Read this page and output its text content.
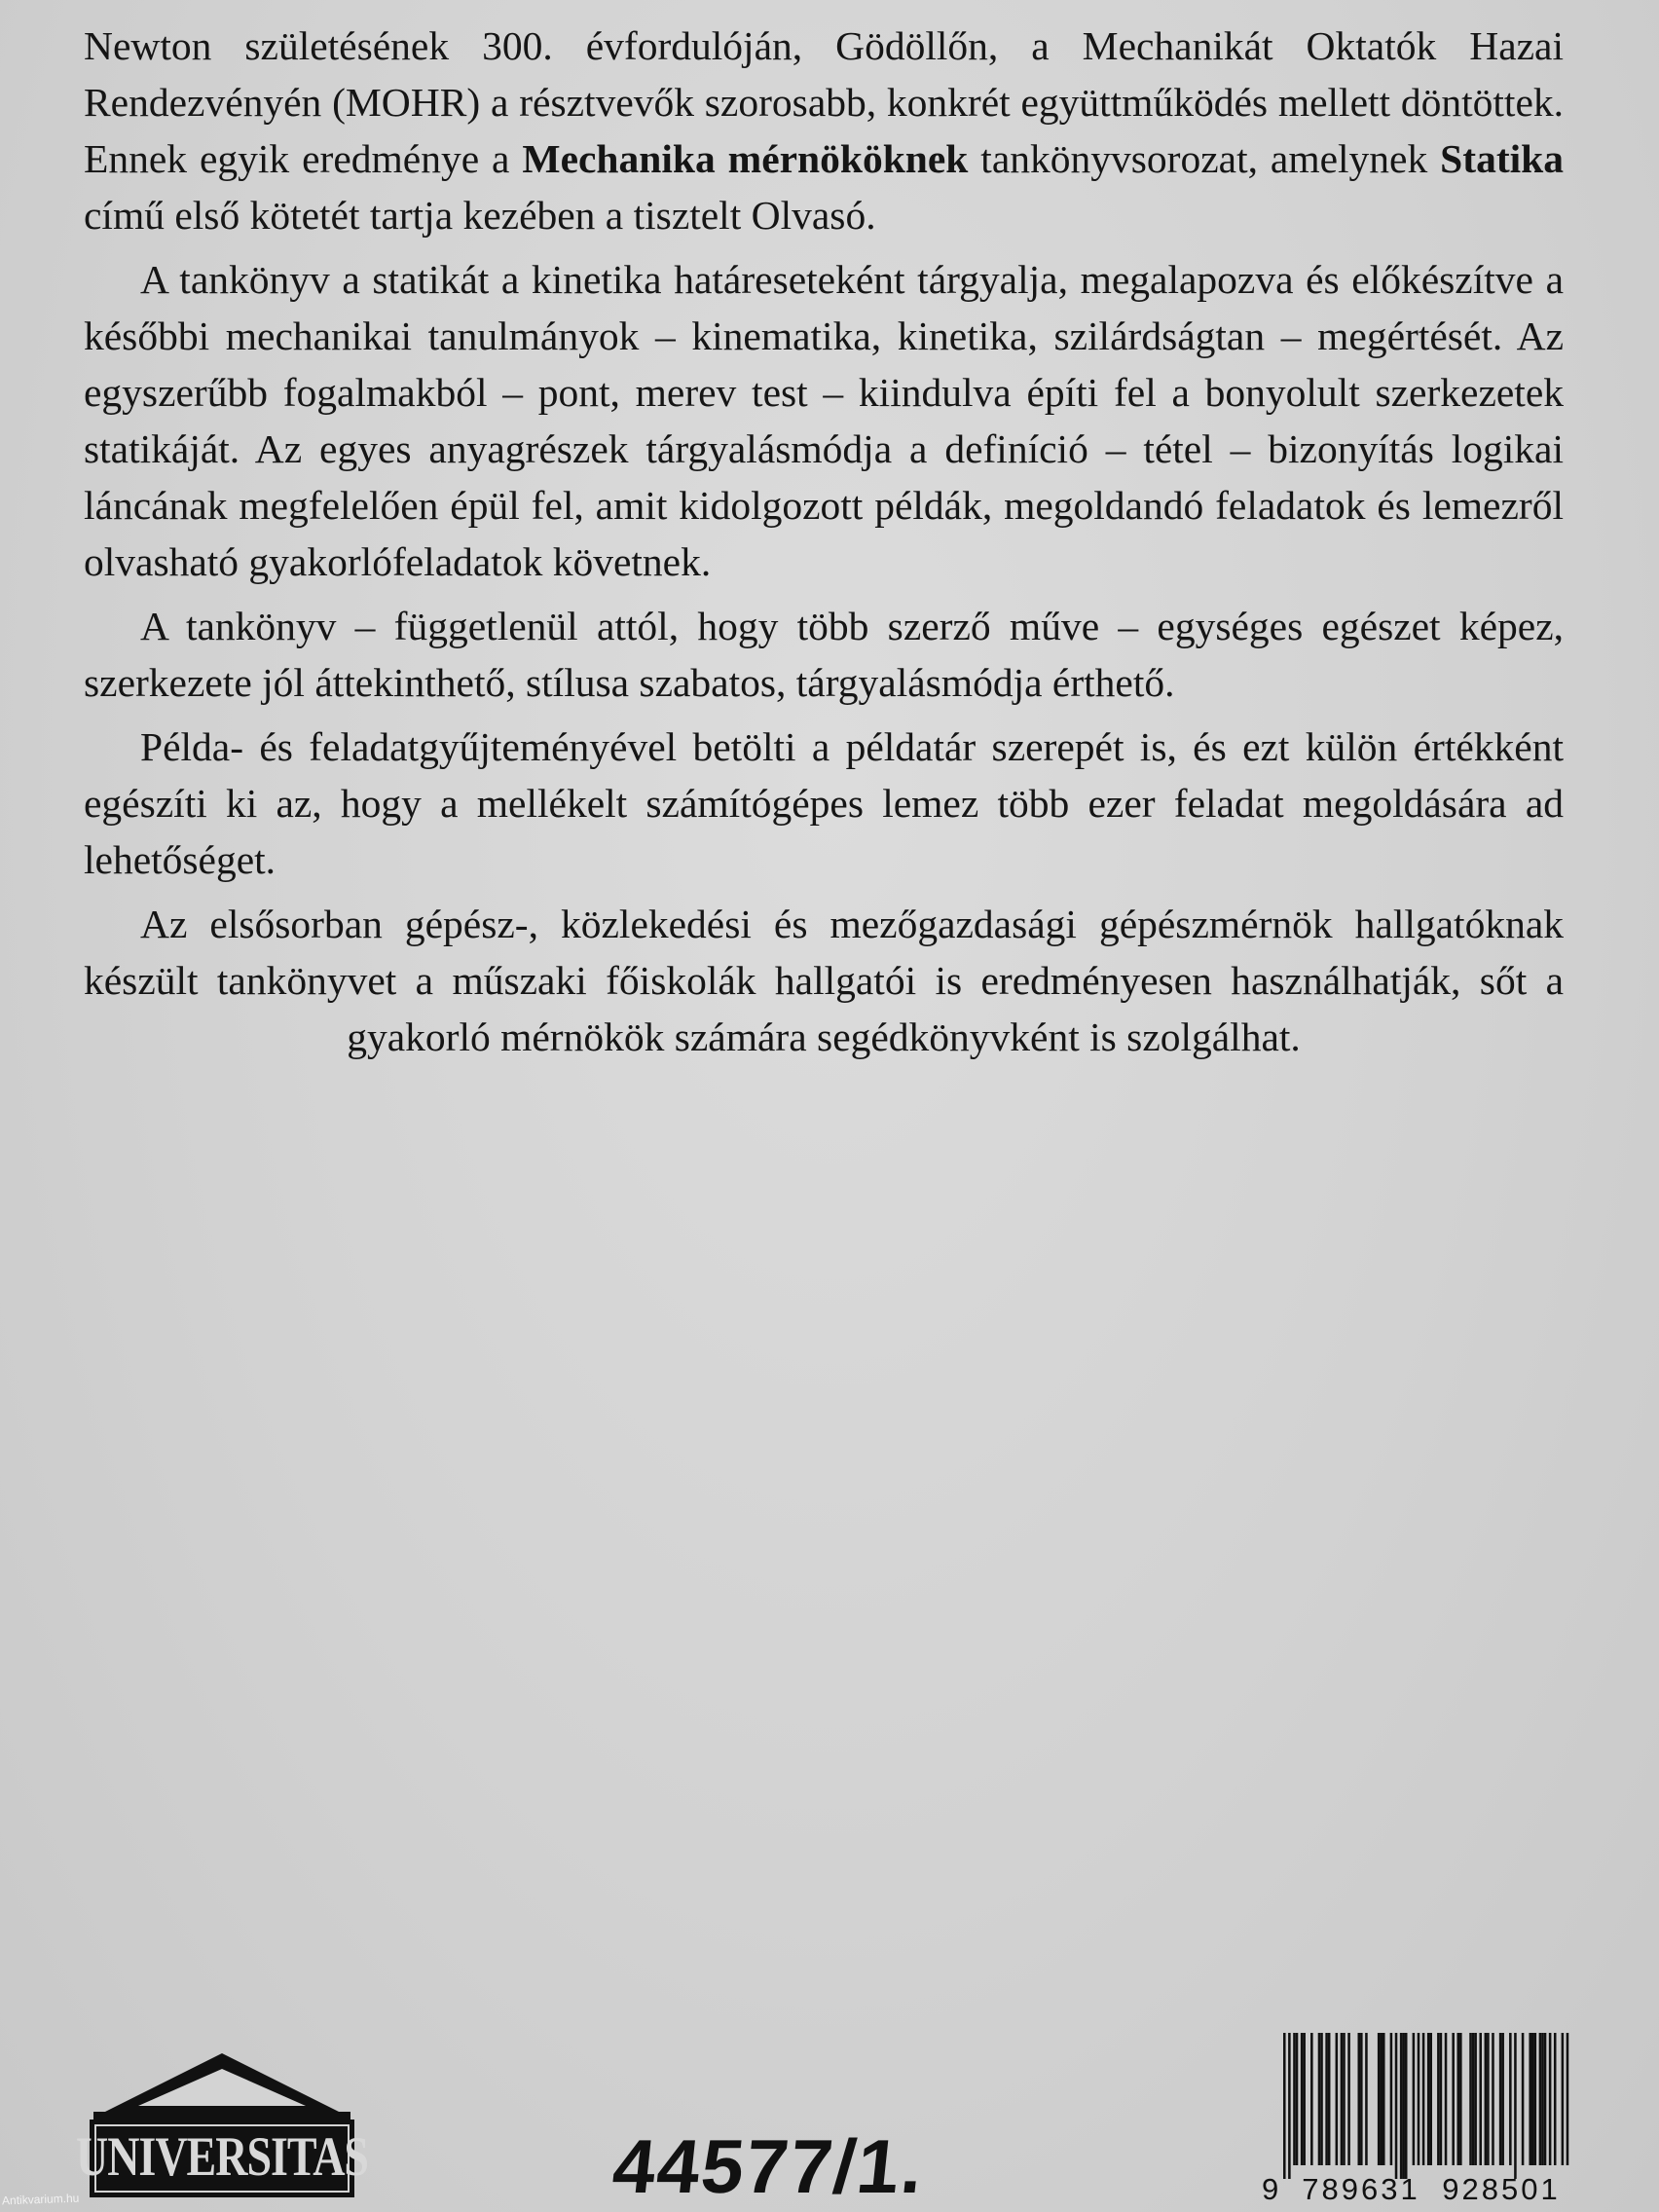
Newton születésének 300. évfordulóján, Gödöllőn, a Mechanikát Oktatók Hazai Rendezvényén (MOHR) a résztvevők szorosabb, konkrét együttműködés mellett döntöttek. Ennek egyik eredménye a Mechanika mérnököknek tankönyvsorozat, amelynek Statika című első kötetét tartja kezében a tisztelt Olvasó.

A tankönyv a statikát a kinetika határeseteként tárgyalja, megalapozva és előkészítve a későbbi mechanikai tanulmányok – kinematika, kinetika, szilárdságtan – megértését. Az egyszerűbb fogalmakból – pont, merev test – kiindulva építi fel a bonyolult szerkezetek statikáját. Az egyes anyagrészek tárgyalásmódja a definíció – tétel – bizonyítás logikai láncának megfelelően épül fel, amit kidolgozott példák, megoldandó feladatok és lemezről olvasható gyakorlófeladatok követnek.

A tankönyv – függetlenül attól, hogy több szerző műve – egységes egészet képez, szerkezete jól áttekinthető, stílusa szabatos, tárgyalásmódja érthető.

Példa- és feladatgyűjteményével betölti a példatár szerepét is, és ezt külön értékként egészíti ki az, hogy a mellékelt számítógépes lemez több ezer feladat megoldására ad lehetőséget.

Az elsősorban gépész-, közlekedési és mezőgazdasági gépészmérnök hallgatóknak készült tankönyvet a műszaki főiskolák hallgatói is eredményesen használhatják, sőt a gyakorló mérnökök számára segédkönyvként is szolgálhat.

UNIVERSITAS	44577/1.	9 789631 928501
Antikvarium.hu
